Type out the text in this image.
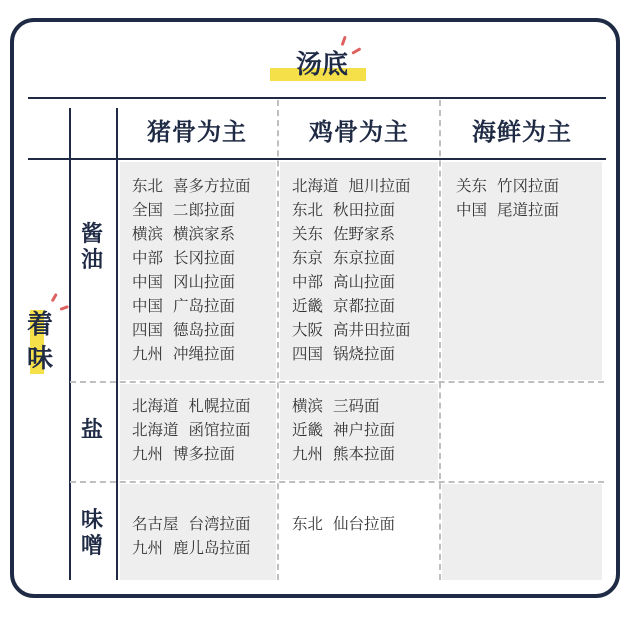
汤底
猪骨为主	鸡骨为主	海鲜为主
着
味
酱
油
盐
味
噌
东北 喜多方拉面
全国 二郎拉面
横滨 横滨家系
中部 长冈拉面
中国 冈山拉面
中国 广岛拉面
四国 德岛拉面
九州 冲绳拉面
北海道 旭川拉面
东北 秋田拉面
关东 佐野家系
东京 东京拉面
中部 高山拉面
近畿 京都拉面
大阪 高井田拉面
四国 锅烧拉面
关东 竹冈拉面
中国 尾道拉面
北海道 札幌拉面
北海道 函馆拉面
九州 博多拉面
横滨 三码面
近畿 神户拉面
九州 熊本拉面
名古屋 台湾拉面
九州 鹿儿岛拉面
东北 仙台拉面
